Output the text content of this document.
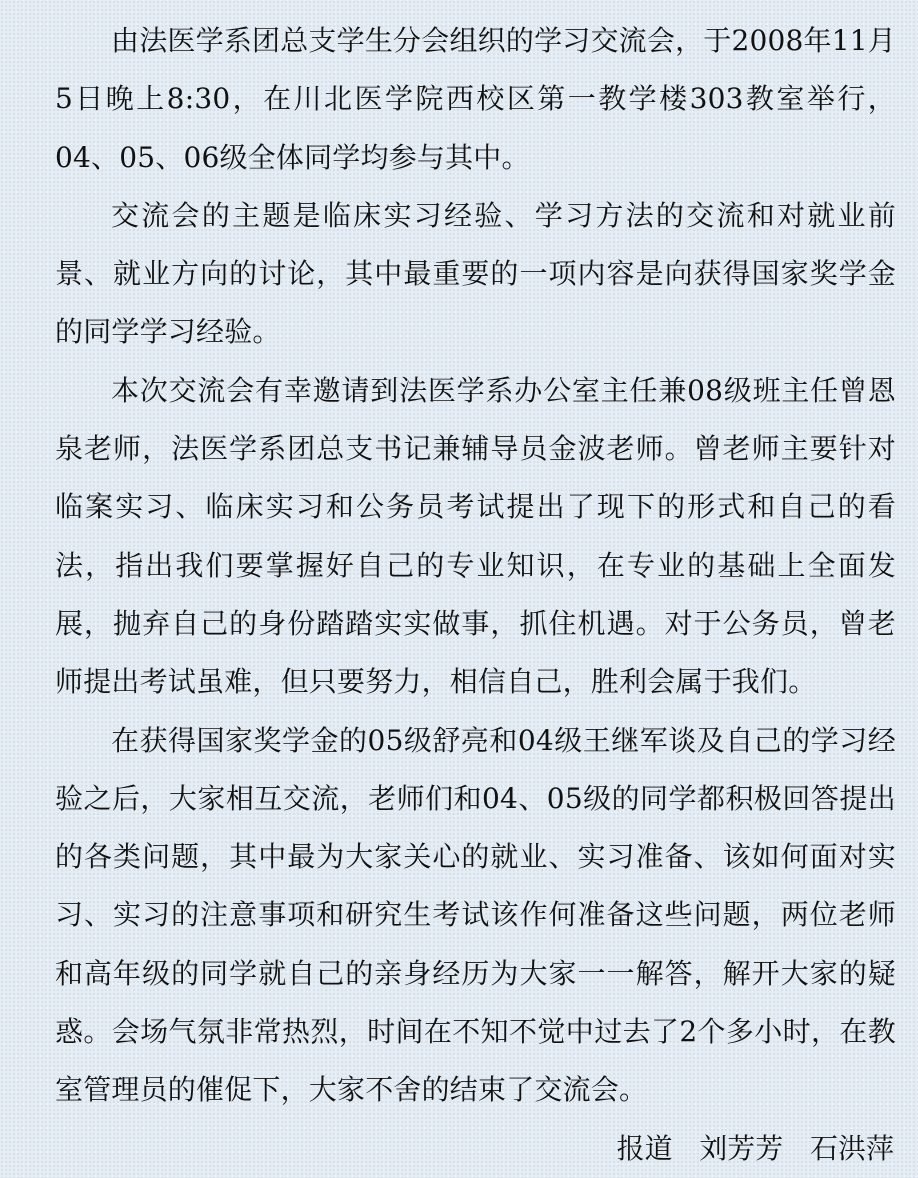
由法医学系团总支学生分会组织的学习交流会，于2008年11月5日晚上8:30，在川北医学院西校区第一教学楼303教室举行，04、05、06级全体同学均参与其中。

交流会的主题是临床实习经验、学习方法的交流和对就业前景、就业方向的讨论，其中最重要的一项内容是向获得国家奖学金的同学学习经验。

本次交流会有幸邀请到法医学系办公室主任兼08级班主任曾恩泉老师，法医学系团总支书记兼辅导员金波老师。曾老师主要针对临案实习、临床实习和公务员考试提出了现下的形式和自己的看法，指出我们要掌握好自己的专业知识，在专业的基础上全面发展，抛弃自己的身份踏踏实实做事，抓住机遇。对于公务员，曾老师提出考试虽难，但只要努力，相信自己，胜利会属于我们。

在获得国家奖学金的05级舒亮和04级王继军谈及自己的学习经验之后，大家相互交流，老师们和04、05级的同学都积极回答提出的各类问题，其中最为大家关心的就业、实习准备、该如何面对实习、实习的注意事项和研究生考试该作何准备这些问题，两位老师和高年级的同学就自己的亲身经历为大家一一解答，解开大家的疑惑。会场气氛非常热烈，时间在不知不觉中过去了2个多小时，在教室管理员的催促下，大家不舍的结束了交流会。

报道   刘芳芳   石洪萍
